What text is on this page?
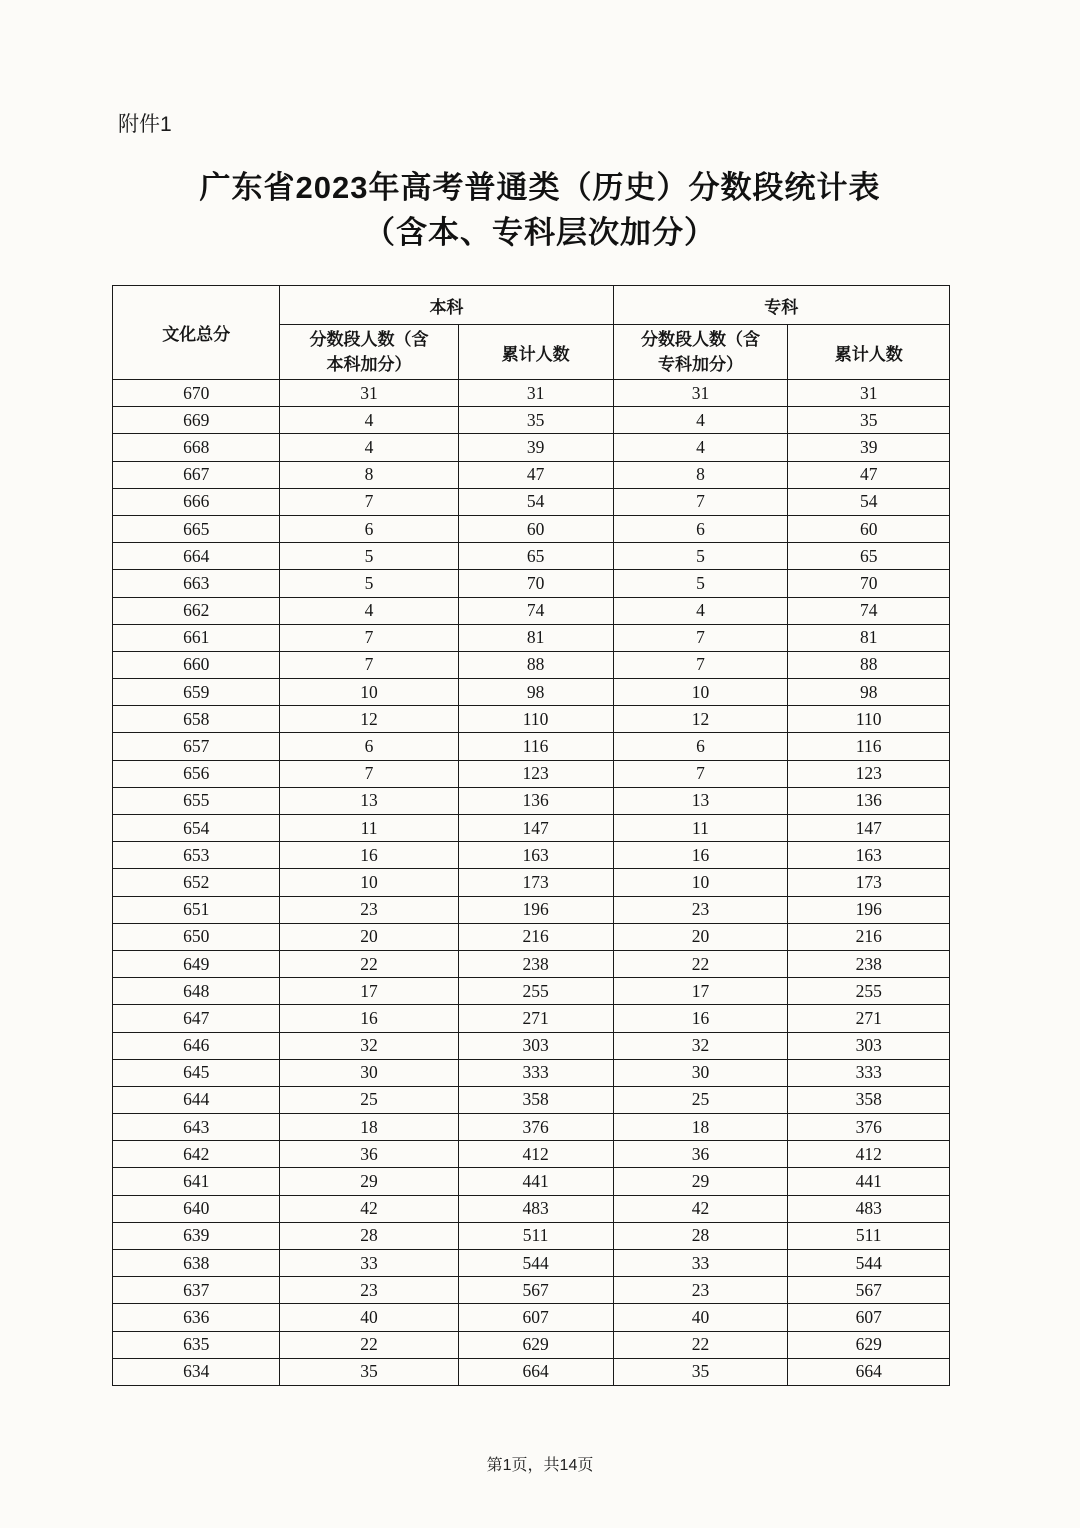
附件1
广东省2023年高考普通类（历史）分数段统计表
（含本、专科层次加分）
文化总分	本科		专科	
	分数段人数（含本科加分）	累计人数	分数段人数（含专科加分）	累计人数
670	31	31	31	31
669	4	35	4	35
668	4	39	4	39
667	8	47	8	47
666	7	54	7	54
665	6	60	6	60
664	5	65	5	65
663	5	70	5	70
662	4	74	4	74
661	7	81	7	81
660	7	88	7	88
659	10	98	10	98
658	12	110	12	110
657	6	116	6	116
656	7	123	7	123
655	13	136	13	136
654	11	147	11	147
653	16	163	16	163
652	10	173	10	173
651	23	196	23	196
650	20	216	20	216
649	22	238	22	238
648	17	255	17	255
647	16	271	16	271
646	32	303	32	303
645	30	333	30	333
644	25	358	25	358
643	18	376	18	376
642	36	412	36	412
641	29	441	29	441
640	42	483	42	483
639	28	511	28	511
638	33	544	33	544
637	23	567	23	567
636	40	607	40	607
635	22	629	22	629
634	35	664	35	664
第1页，共14页
